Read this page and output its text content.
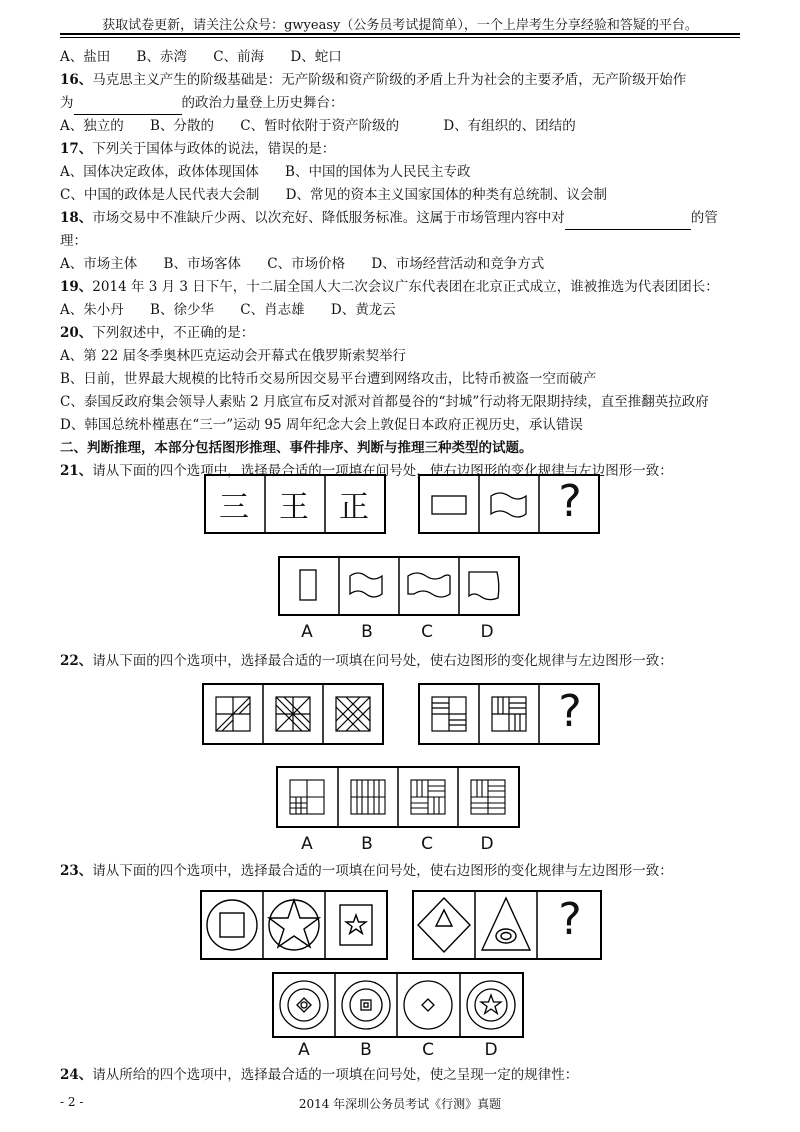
获取试卷更新，请关注公众号：gwyeasy（公务员考试提简单），一个上岸考生分享经验和答疑的平台。
A、盐田 B、赤湾 C、前海 D、蛇口
16、马克思主义产生的阶级基础是：无产阶级和资产阶级的矛盾上升为社会的主要矛盾，无产阶级开始作
为	的政治力量登上历史舞台：
A、独立的 B、分散的 C、暂时依附于资产阶级的	D、有组织的、团结的
17、下列关于国体与政体的说法，错误的是：
A、国体决定政体，政体体现国体 B、中国的国体为人民民主专政
C、中国的政体是人民代表大会制 D、常见的资本主义国家国体的种类有总统制、议会制
18、市场交易中不准缺斤少两、以次充好、降低服务标准。这属于市场管理内容中对	的管
理：
A、市场主体 B、市场客体 C、市场价格 D、市场经营活动和竞争方式
19、2014 年 3 月 3 日下午，十二届全国人大二次会议广东代表团在北京正式成立，谁被推选为代表团团长：
A、朱小丹 B、徐少华 C、肖志雄 D、黄龙云
20、下列叙述中，不正确的是：
A、第 22 届冬季奥林匹克运动会开幕式在俄罗斯索契举行
B、日前，世界最大规模的比特币交易所因交易平台遭到网络攻击，比特币被盗一空而破产
C、泰国反政府集会领导人素贴 2 月底宣布反对派对首都曼谷的“封城”行动将无限期持续，直至推翻英拉政府
D、韩国总统朴槿惠在“三一”运动 95 周年纪念大会上敦促日本政府正视历史，承认错误
二、判断推理，本部分包括图形推理、事件排序、判断与推理三种类型的试题。
21、请从下面的四个选项中，选择最合适的一项填在问号处，使右边图形的变化规律与左边图形一致：
三 王 正	?
A	B	C	D
22、请从下面的四个选项中，选择最合适的一项填在问号处，使右边图形的变化规律与左边图形一致：
?
A	B	C	D
23、请从下面的四个选项中，选择最合适的一项填在问号处，使右边图形的变化规律与左边图形一致：
?
A	B	C	D
24、请从所给的四个选项中，选择最合适的一项填在问号处，使之呈现一定的规律性：
- 2 -	2014 年深圳公务员考试《行测》真题
